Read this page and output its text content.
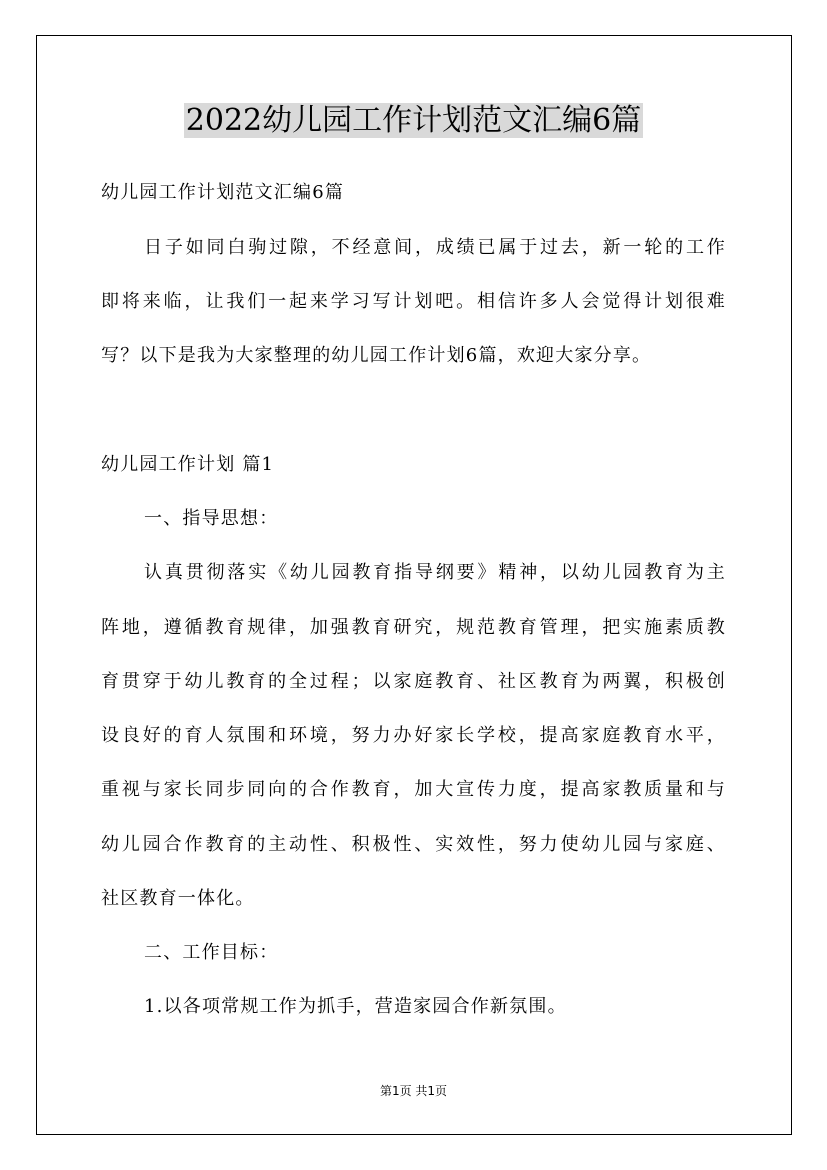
2022幼儿园工作计划范文汇编6篇

幼儿园工作计划范文汇编6篇

日子如同白驹过隙，不经意间，成绩已属于过去，新一轮的工作

即将来临，让我们一起来学习写计划吧。相信许多人会觉得计划很难

写？以下是我为大家整理的幼儿园工作计划6篇，欢迎大家分享。

幼儿园工作计划 篇1

一、指导思想：

认真贯彻落实《幼儿园教育指导纲要》精神，以幼儿园教育为主

阵地，遵循教育规律，加强教育研究，规范教育管理，把实施素质教

育贯穿于幼儿教育的全过程；以家庭教育、社区教育为两翼，积极创

设良好的育人氛围和环境，努力办好家长学校，提高家庭教育水平，

重视与家长同步同向的合作教育，加大宣传力度，提高家教质量和与

幼儿园合作教育的主动性、积极性、实效性，努力使幼儿园与家庭、

社区教育一体化。

二、工作目标：

1.以各项常规工作为抓手，营造家园合作新氛围。

第1页 共1页
